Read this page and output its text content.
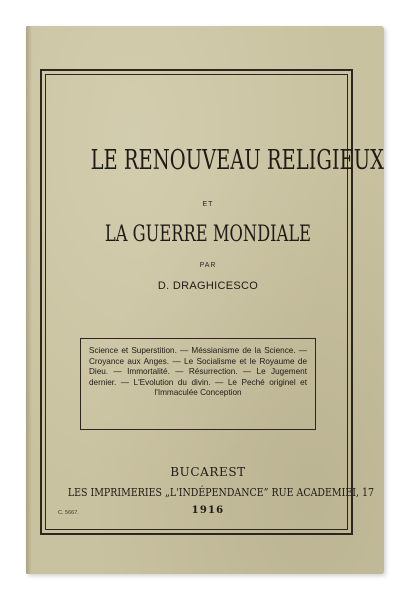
LE RENOUVEAU RELIGIEUX
ET
LA GUERRE MONDIALE
PAR
D. DRAGHICESCO

Science et Superstition. — Méssianisme de la Science. — Croyance aux Anges. — Le Socialisme et le Royaume de Dieu. — Immortalité. — Résurrection. — Le Jugement dernier. — L'Evolution du divin. — Le Peché originel et l'Immaculée Conception

BUCAREST
LES IMPRIMERIES „L'INDÉPENDANCE” RUE ACADEMIEI, 17
C. 5667.	1916
